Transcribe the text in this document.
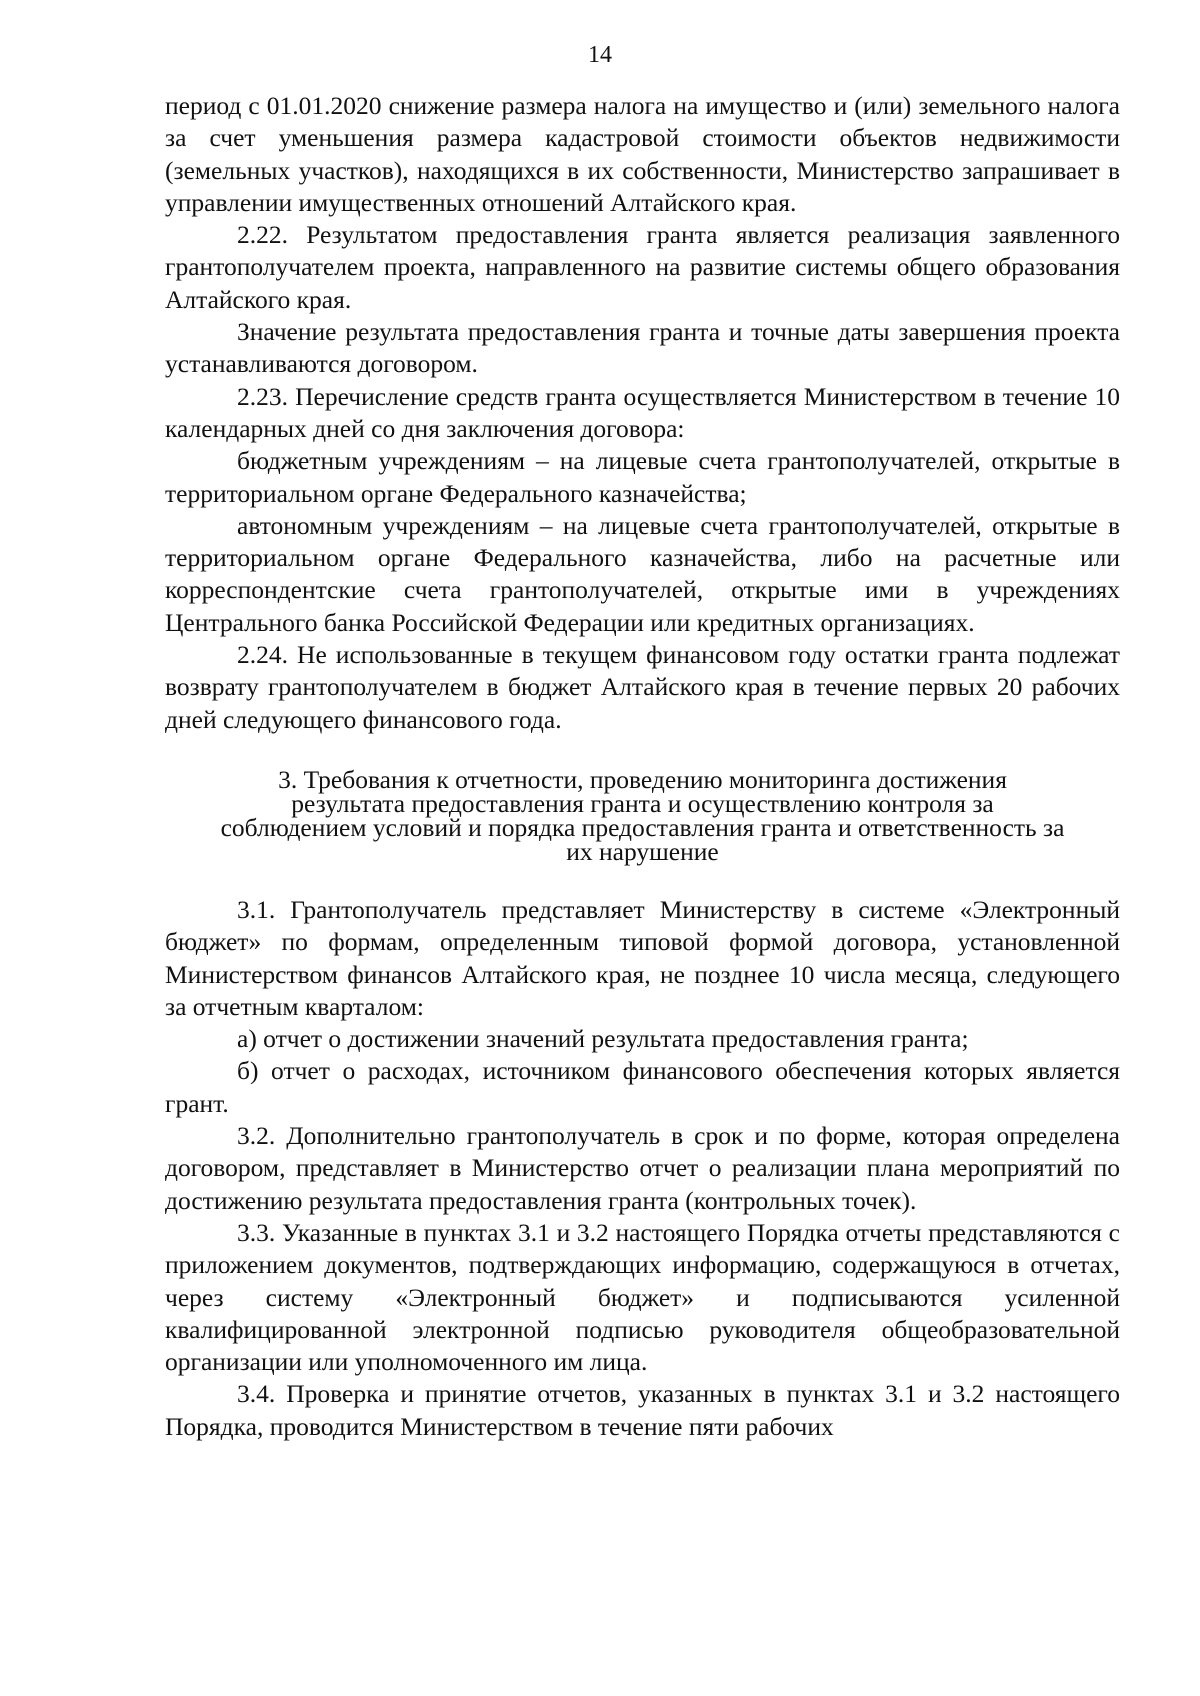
14

период с 01.01.2020 снижение размера налога на имущество и (или) земельного налога за счет уменьшения размера кадастровой стоимости объектов недвижимости (земельных участков), находящихся в их собственности, Министерство запрашивает в управлении имущественных отношений Алтайского края.

2.22. Результатом предоставления гранта является реализация заявленного грантополучателем проекта, направленного на развитие системы общего образования Алтайского края.

Значение результата предоставления гранта и точные даты завершения проекта устанавливаются договором.

2.23. Перечисление средств гранта осуществляется Министерством в течение 10 календарных дней со дня заключения договора:

бюджетным учреждениям – на лицевые счета грантополучателей, открытые в территориальном органе Федерального казначейства;

автономным учреждениям – на лицевые счета грантополучателей, открытые в территориальном органе Федерального казначейства, либо на расчетные или корреспондентские счета грантополучателей, открытые ими в учреждениях Центрального банка Российской Федерации или кредитных организациях.

2.24. Не использованные в текущем финансовом году остатки гранта подлежат возврату грантополучателем в бюджет Алтайского края в течение первых 20 рабочих дней следующего финансового года.

3. Требования к отчетности, проведению мониторинга достижения
результата предоставления гранта и осуществлению контроля за
соблюдением условий и порядка предоставления гранта и ответственность за
их нарушение

3.1. Грантополучатель представляет Министерству в системе «Электронный бюджет» по формам, определенным типовой формой договора, установленной Министерством финансов Алтайского края, не позднее 10 числа месяца, следующего за отчетным кварталом:

а) отчет о достижении значений результата предоставления гранта;

б) отчет о расходах, источником финансового обеспечения которых является грант.

3.2. Дополнительно грантополучатель в срок и по форме, которая определена договором, представляет в Министерство отчет о реализации плана мероприятий по достижению результата предоставления гранта (контрольных точек).

3.3. Указанные в пунктах 3.1 и 3.2 настоящего Порядка отчеты представляются с приложением документов, подтверждающих информацию, содержащуюся в отчетах, через систему «Электронный бюджет» и подписываются усиленной квалифицированной электронной подписью руководителя общеобразовательной организации или уполномоченного им лица.

3.4. Проверка и принятие отчетов, указанных в пунктах 3.1 и 3.2 настоящего Порядка, проводится Министерством в течение пяти рабочих
